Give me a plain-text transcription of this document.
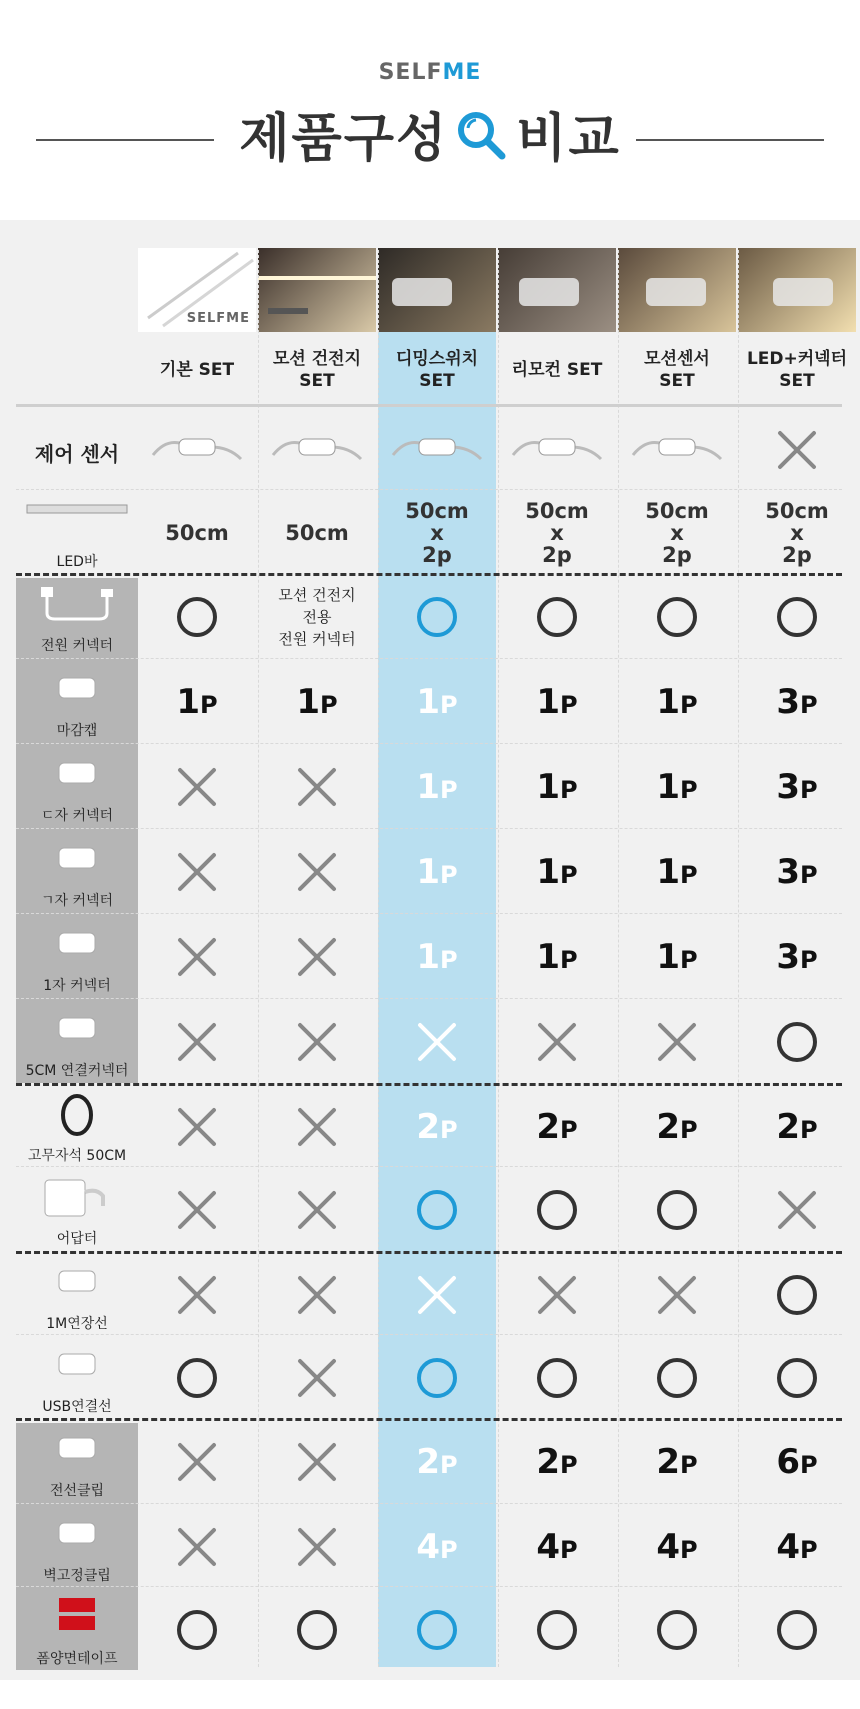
SELFME
제품구성 비교
SELFME
기본 SET
모션 건전지
SET
디밍스위치
SET
리모컨 SET
모션센서
SET
LED+커넥터
SET
제어 센서
LED바
50cm	50cm
50cm
x
2p
50cm
x
2p
50cm
x
2p
50cm
x
2p
전원 커넥터
모션 건전지
전용
전원 커넥터
마감캡
1P 1P 1P 1P 1P 3P
ㄷ자 커넥터
1P 1P 1P 3P
ㄱ자 커넥터
1P 1P 1P 3P
1자 커넥터
1P 1P 1P 3P
5CM 연결커넥터
고무자석 50CM
2P 2P 2P 2P
어답터
1M연장선
USB연결선
전선클립
2P 2P 2P 6P
벽고정클립
4P 4P 4P 4P
폼양면테이프
